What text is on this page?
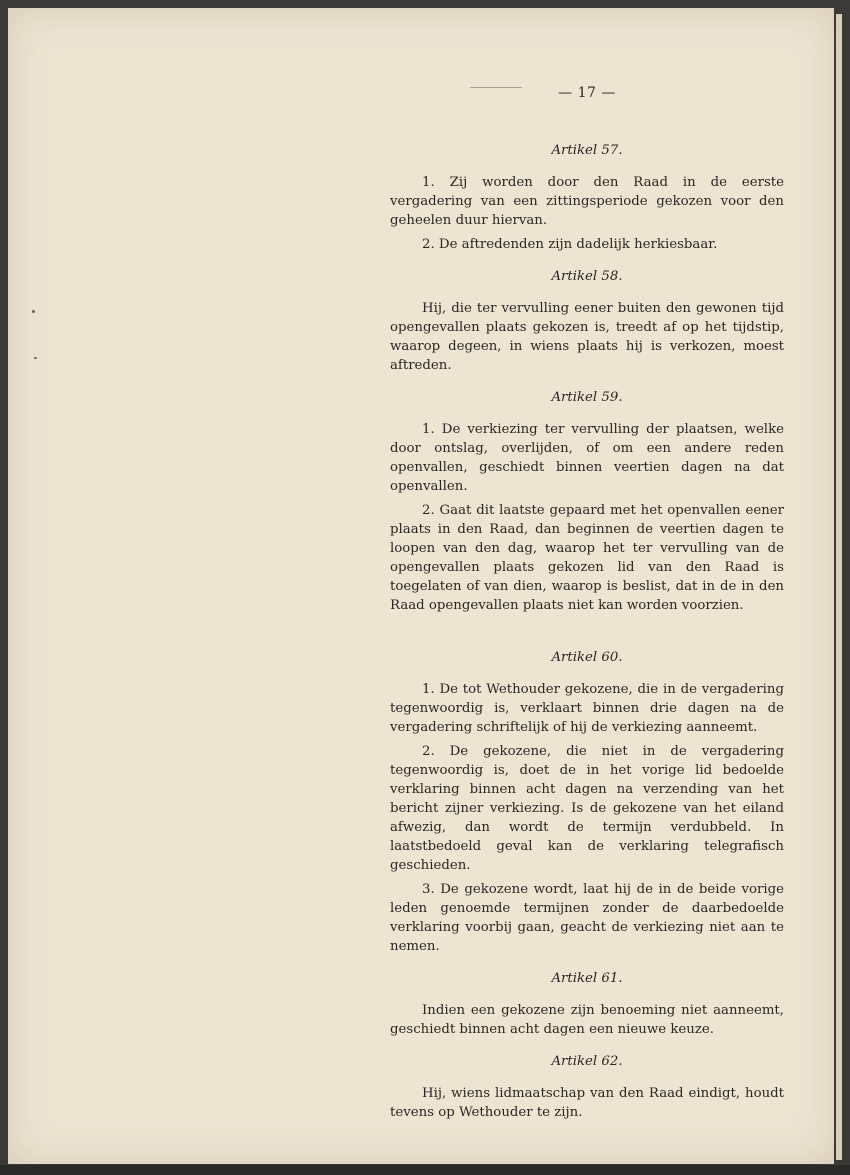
— 17 —
Artikel 57.

1. Zij worden door den Raad in de eerste vergadering van een zittingsperiode gekozen voor den geheelen duur hiervan.

2. De aftredenden zijn dadelijk herkiesbaar.

Artikel 58.

Hij, die ter vervulling eener buiten den gewonen tijd opengevallen plaats gekozen is, treedt af op het tijdstip, waarop degeen, in wiens plaats hij is verkozen, moest aftreden.

Artikel 59.

1. De verkiezing ter vervulling der plaatsen, welke door ontslag, overlijden, of om een andere reden openvallen, geschiedt binnen veertien dagen na dat openvallen.

2. Gaat dit laatste gepaard met het openvallen eener plaats in den Raad, dan beginnen de veertien dagen te loopen van den dag, waarop het ter vervulling van de opengevallen plaats gekozen lid van den Raad is toegelaten of van dien, waarop is beslist, dat in de in den Raad opengevallen plaats niet kan worden voorzien.

Artikel 60.

1. De tot Wethouder gekozene, die in de vergadering tegenwoordig is, verklaart binnen drie dagen na de vergadering schriftelijk of hij de verkiezing aanneemt.

2. De gekozene, die niet in de vergadering tegenwoordig is, doet de in het vorige lid bedoelde verklaring binnen acht dagen na verzending van het bericht zijner verkiezing. Is de gekozene van het eiland afwezig, dan wordt de termijn verdubbeld. In laatstbedoeld geval kan de verklaring telegrafisch geschieden.

3. De gekozene wordt, laat hij de in de beide vorige leden genoemde termijnen zonder de daarbedoelde verklaring voorbij gaan, geacht de verkiezing niet aan te nemen.

Artikel 61.

Indien een gekozene zijn benoeming niet aanneemt, geschiedt binnen acht dagen een nieuwe keuze.

Artikel 62.

Hij, wiens lidmaatschap van den Raad eindigt, houdt tevens op Wethouder te zijn.
